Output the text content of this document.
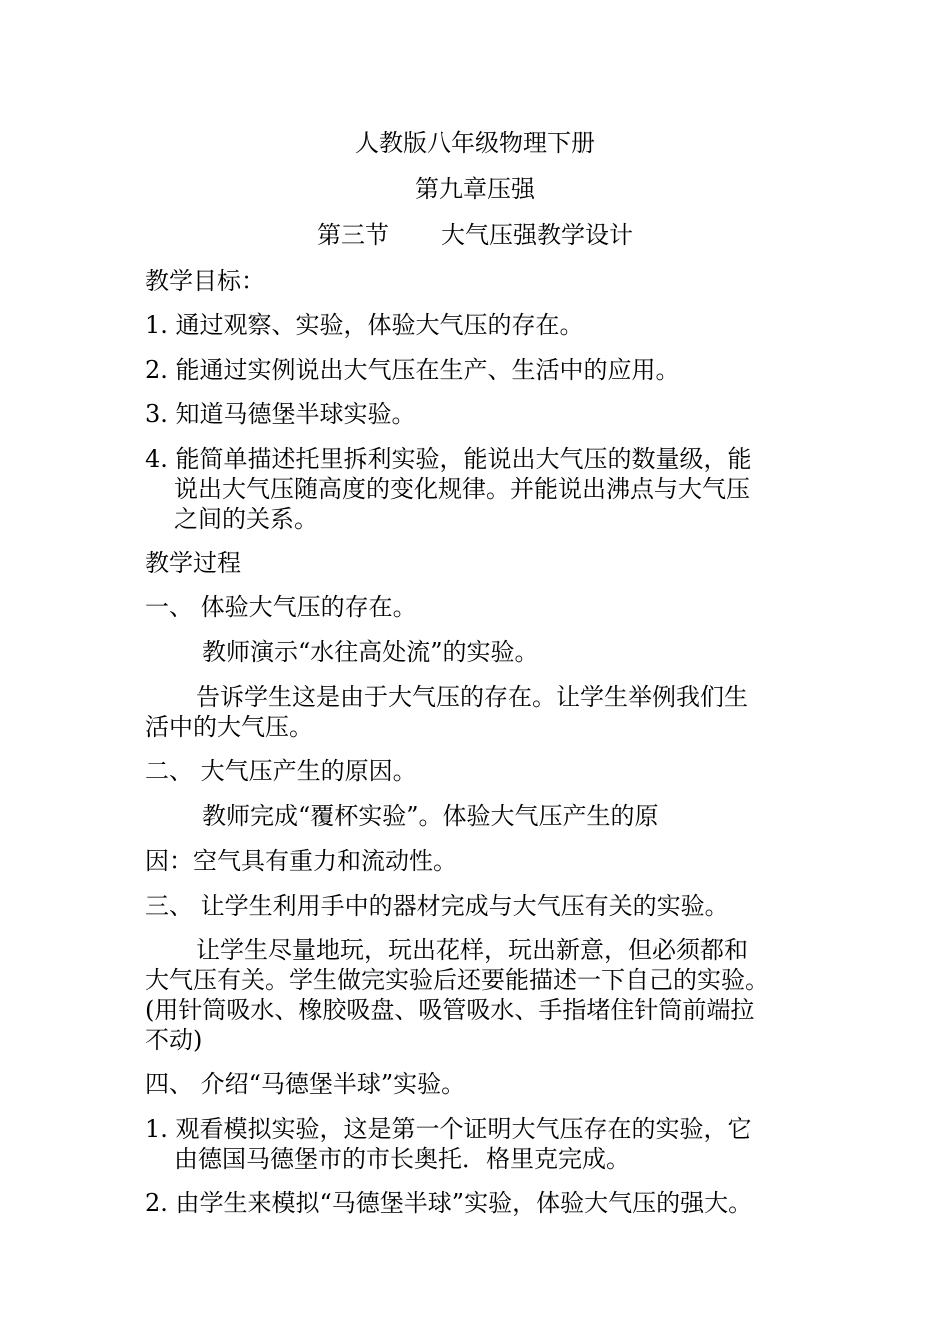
人教版八年级物理下册

第九章压强

第三节 大气压强教学设计

教学目标：

1. 通过观察、实验，体验大气压的存在。

2. 能通过实例说出大气压在生产、生活中的应用。

3. 知道马德堡半球实验。

4. 能简单描述托里拆利实验，能说出大气压的数量级，能

说出大气压随高度的变化规律。并能说出沸点与大气压

之间的关系。

教学过程

一、 体验大气压的存在。

教师演示“水往高处流”的实验。

告诉学生这是由于大气压的存在。让学生举例我们生

活中的大气压。

二、 大气压产生的原因。

教师完成“覆杯实验”。体验大气压产生的原

因：空气具有重力和流动性。

三、 让学生利用手中的器材完成与大气压有关的实验。

让学生尽量地玩，玩出花样，玩出新意，但必须都和

大气压有关。学生做完实验后还要能描述一下自己的实验。

(用针筒吸水、橡胶吸盘、吸管吸水、手指堵住针筒前端拉

不动)

四、 介绍“马德堡半球”实验。

1. 观看模拟实验，这是第一个证明大气压存在的实验，它

由德国马德堡市的市长奥托．格里克完成。

2. 由学生来模拟“马德堡半球”实验，体验大气压的强大。
